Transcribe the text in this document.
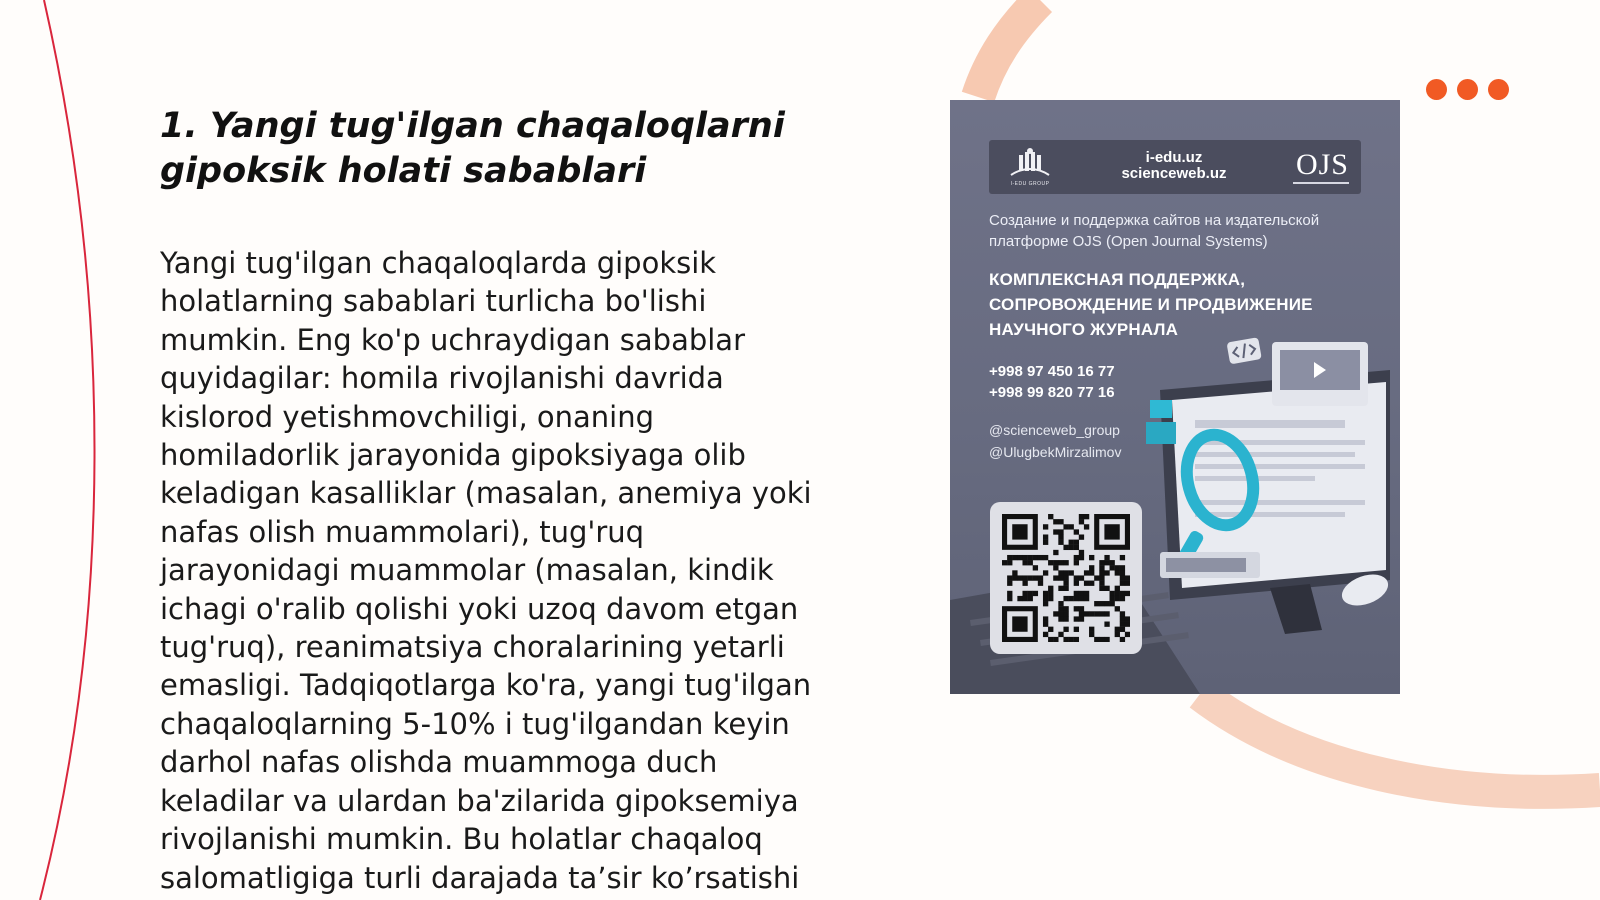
1. Yangi tug'ilgan chaqaloqlarni
gipoksik holati sabablari

Yangi tug'ilgan chaqaloqlarda gipoksik
holatlarning sabablari turlicha bo'lishi
mumkin. Eng ko'p uchraydigan sabablar
quyidagilar: homila rivojlanishi davrida
kislorod yetishmovchiligi, onaning
homiladorlik jarayonida gipoksiyaga olib
keladigan kasalliklar (masalan, anemiya yoki
nafas olish muammolari), tug'ruq
jarayonidagi muammolar (masalan, kindik
ichagi o'ralib qolishi yoki uzoq davom etgan
tug'ruq), reanimatsiya choralarining yetarli
emasligi. Tadqiqotlarga ko'ra, yangi tug'ilgan
chaqaloqlarning 5-10% i tug'ilgandan keyin
darhol nafas olishda muammoga duch
keladilar va ulardan ba'zilarida gipoksemiya
rivojlanishi mumkin. Bu holatlar chaqaloq
salomatligiga turli darajada ta’sir ko’rsatishi

I-EDU GROUP
i-edu.uz
scienceweb.uz	OJS
Создание и поддержка сайтов на издательской
платформе OJS (Open Journal Systems)
КОМПЛЕКСНАЯ ПОДДЕРЖКА,
СОПРОВОЖДЕНИЕ И ПРОДВИЖЕНИЕ
НАУЧНОГО ЖУРНАЛА
+998 97 450 16 77
+998 99 820 77 16
@scienceweb_group
@UlugbekMirzalimov
